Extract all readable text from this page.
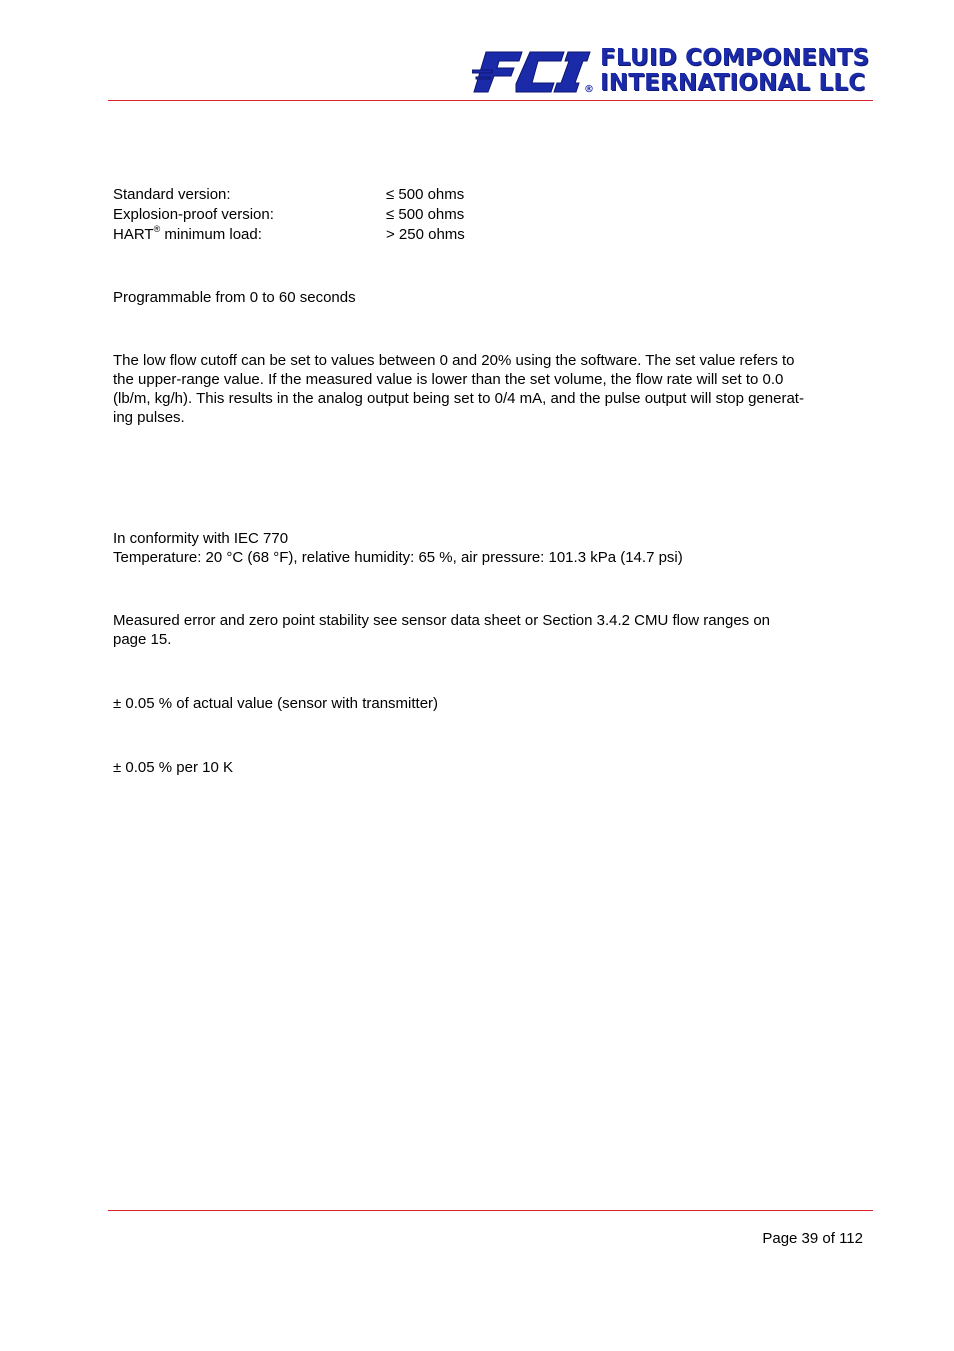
®
FLUID COMPONENTS
INTERNATIONAL LLC
Standard version:	≤ 500 ohms
Explosion-proof version:	≤ 500 ohms
HART® minimum load:	> 250 ohms
Programmable from 0 to 60 seconds
The low flow cutoff can be set to values between 0 and 20% using the software. The set value refers to
the upper-range value. If the measured value is lower than the set volume, the flow rate will set to 0.0
(lb/m, kg/h). This results in the analog output being set to 0/4 mA, and the pulse output will stop generat-
ing pulses.
In conformity with IEC 770
Temperature: 20 °C (68 °F), relative humidity: 65 %, air pressure: 101.3 kPa (14.7 psi)
Measured error and zero point stability see sensor data sheet or Section 3.4.2 CMU flow ranges on
page 15.
± 0.05 % of actual value (sensor with transmitter)
± 0.05 % per 10 K
Page 39 of 112
